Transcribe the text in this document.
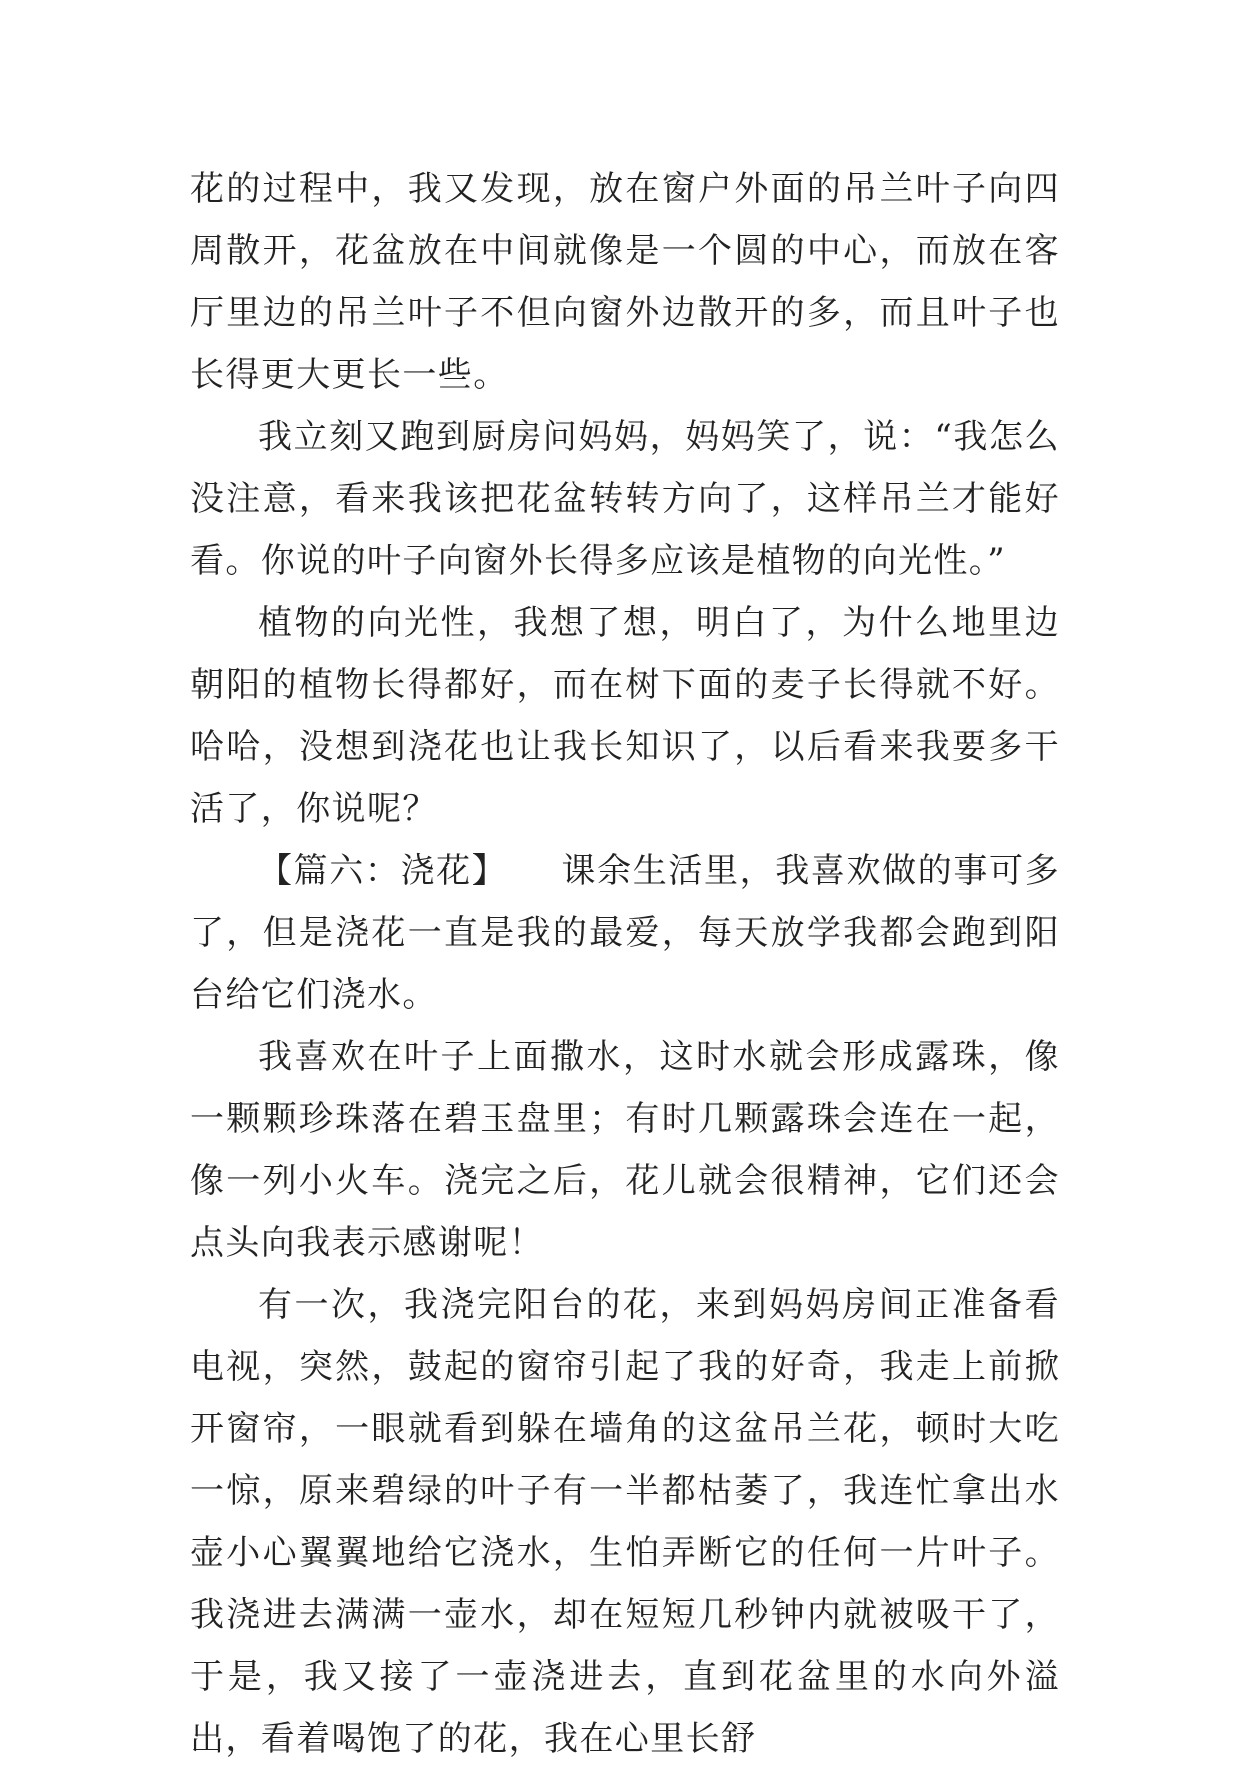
花的过程中，我又发现，放在窗户外面的吊兰叶子向四周散开，花盆放在中间就像是一个圆的中心，而放在客厅里边的吊兰叶子不但向窗外边散开的多，而且叶子也长得更大更长一些。

我立刻又跑到厨房问妈妈，妈妈笑了，说：“我怎么没注意，看来我该把花盆转转方向了，这样吊兰才能好看。你说的叶子向窗外长得多应该是植物的向光性。”

植物的向光性，我想了想，明白了，为什么地里边朝阳的植物长得都好，而在树下面的麦子长得就不好。哈哈，没想到浇花也让我长知识了，以后看来我要多干活了，你说呢？

【篇六：浇花】　　课余生活里，我喜欢做的事可多了，但是浇花一直是我的最爱，每天放学我都会跑到阳台给它们浇水。

我喜欢在叶子上面撒水，这时水就会形成露珠，像一颗颗珍珠落在碧玉盘里；有时几颗露珠会连在一起，像一列小火车。浇完之后，花儿就会很精神，它们还会点头向我表示感谢呢！

有一次，我浇完阳台的花，来到妈妈房间正准备看电视，突然，鼓起的窗帘引起了我的好奇，我走上前掀开窗帘，一眼就看到躲在墙角的这盆吊兰花，顿时大吃一惊，原来碧绿的叶子有一半都枯萎了，我连忙拿出水壶小心翼翼地给它浇水，生怕弄断它的任何一片叶子。我浇进去满满一壶水，却在短短几秒钟内就被吸干了，于是，我又接了一壶浇进去，直到花盆里的水向外溢出，看着喝饱了的花，我在心里长舒
